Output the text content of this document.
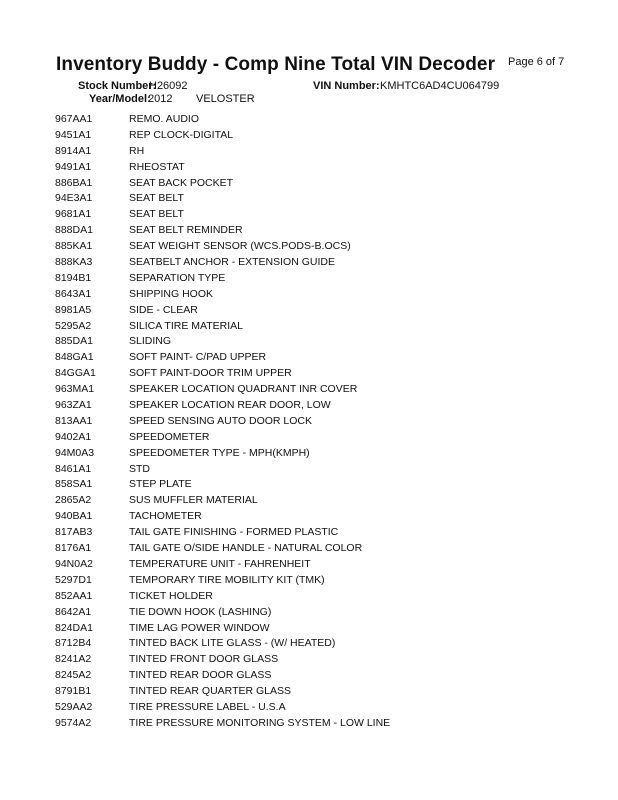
Inventory Buddy - Comp Nine Total VIN Decoder Page 6 of 7
Stock Number:
H26092	VIN Number: KMHTC6AD4CU064799
Year/Model:
2012 VELOSTER
967AA1	REMO. AUDIO
9451A1	REP CLOCK-DIGITAL
8914A1	RH
9491A1	RHEOSTAT
886BA1	SEAT BACK POCKET
94E3A1	SEAT BELT
9681A1	SEAT BELT
888DA1	SEAT BELT REMINDER
885KA1	SEAT WEIGHT SENSOR (WCS.PODS-B.OCS)
888KA3	SEATBELT ANCHOR - EXTENSION GUIDE
8194B1	SEPARATION TYPE
8643A1	SHIPPING HOOK
8981A5	SIDE - CLEAR
5295A2	SILICA TIRE MATERIAL
885DA1	SLIDING
848GA1	SOFT PAINT- C/PAD UPPER
84GGA1	SOFT PAINT-DOOR TRIM UPPER
963MA1	SPEAKER LOCATION QUADRANT INR COVER
963ZA1	SPEAKER LOCATION REAR DOOR, LOW
813AA1	SPEED SENSING AUTO DOOR LOCK
9402A1	SPEEDOMETER
94M0A3	SPEEDOMETER TYPE - MPH(KMPH)
8461A1	STD
858SA1	STEP PLATE
2865A2	SUS MUFFLER MATERIAL
940BA1	TACHOMETER
817AB3	TAIL GATE FINISHING - FORMED PLASTIC
8176A1	TAIL GATE O/SIDE HANDLE - NATURAL COLOR
94N0A2	TEMPERATURE UNIT - FAHRENHEIT
5297D1	TEMPORARY TIRE MOBILITY KIT (TMK)
852AA1	TICKET HOLDER
8642A1	TIE DOWN HOOK (LASHING)
824DA1	TIME LAG POWER WINDOW
8712B4	TINTED BACK LITE GLASS - (W/ HEATED)
8241A2	TINTED FRONT DOOR GLASS
8245A2	TINTED REAR DOOR GLASS
8791B1	TINTED REAR QUARTER GLASS
529AA2	TIRE PRESSURE LABEL - U.S.A
9574A2	TIRE PRESSURE MONITORING SYSTEM - LOW LINE
